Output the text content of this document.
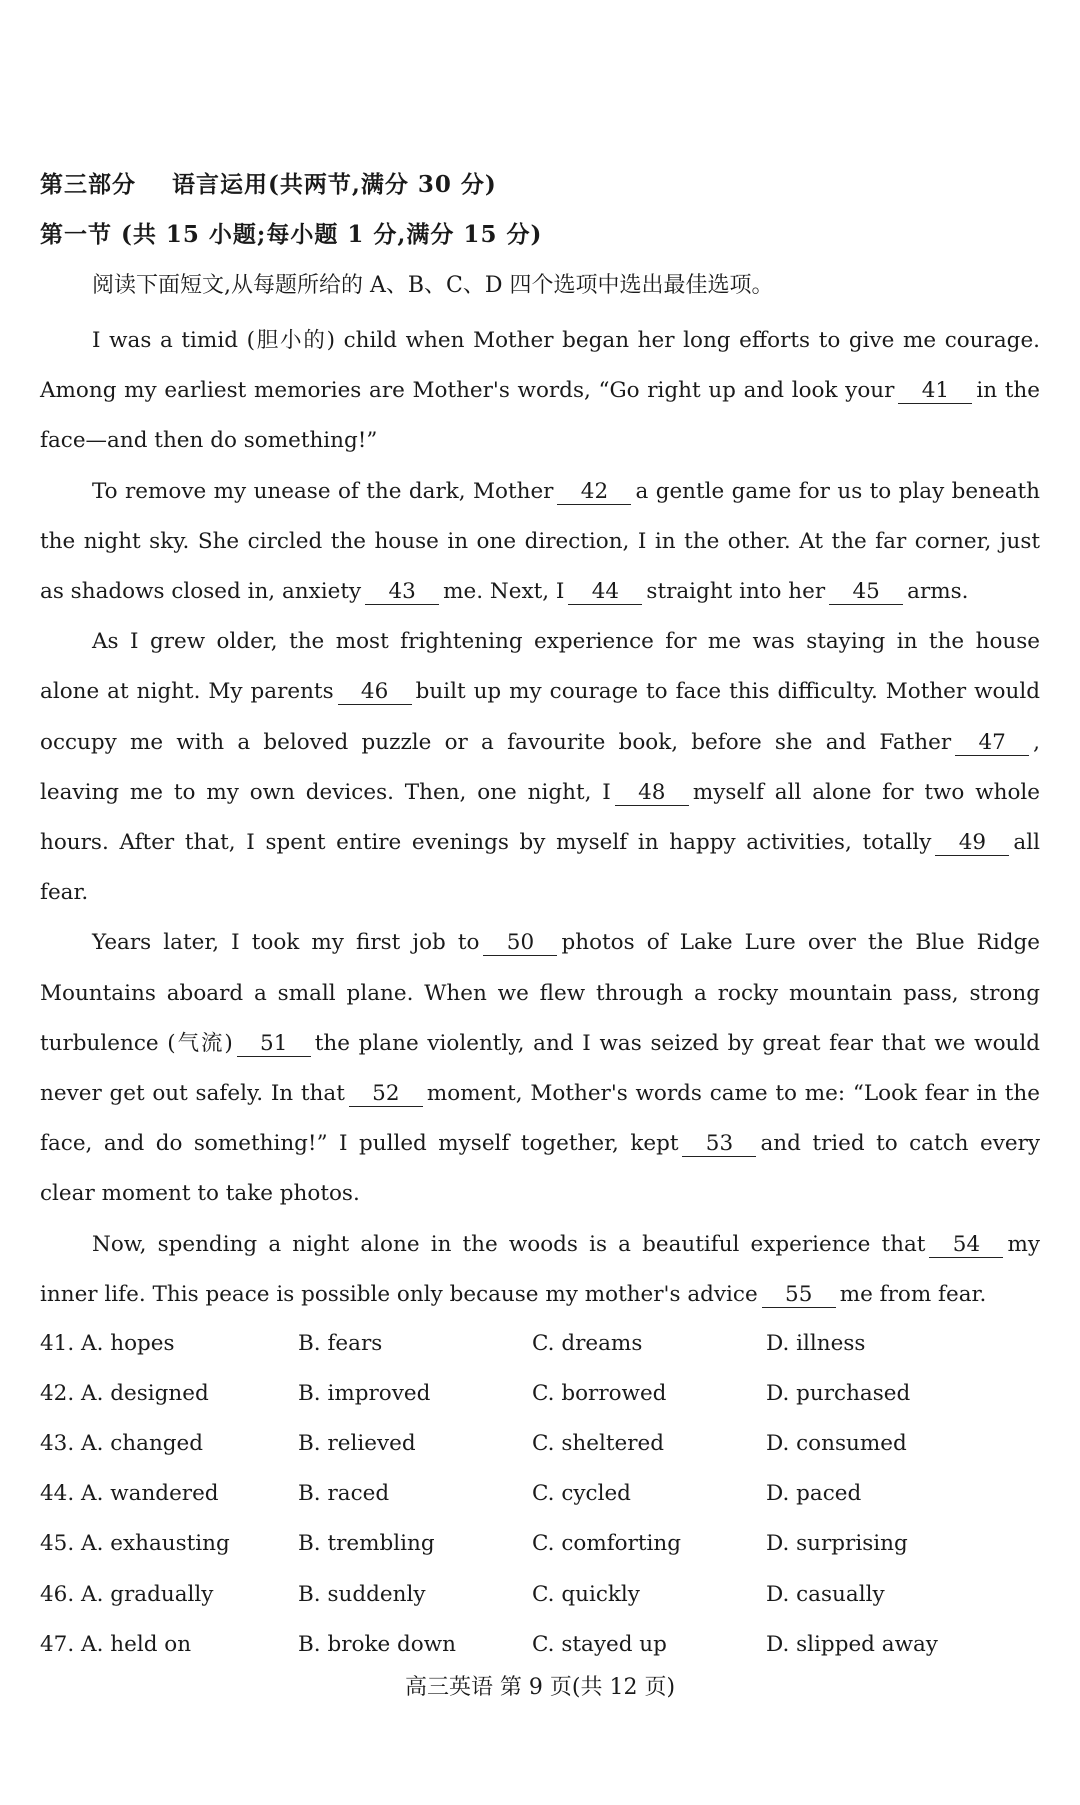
第三部分 语言运用(共两节,满分 30 分)
第一节 (共 15 小题;每小题 1 分,满分 15 分)
阅读下面短文,从每题所给的 A、B、C、D 四个选项中选出最佳选项。

I was a timid (胆小的) child when Mother began her long efforts to give me courage. Among my earliest memories are Mother's words, “Go right up and look your 41 in the face—and then do something!”

To remove my unease of the dark, Mother 42 a gentle game for us to play beneath the night sky. She circled the house in one direction, I in the other. At the far corner, just as shadows closed in, anxiety 43 me. Next, I 44 straight into her 45 arms.

As I grew older, the most frightening experience for me was staying in the house alone at night. My parents 46 built up my courage to face this difficulty. Mother would occupy me with a beloved puzzle or a favourite book, before she and Father 47 , leaving me to my own devices. Then, one night, I 48 myself all alone for two whole hours. After that, I spent entire evenings by myself in happy activities, totally 49 all fear.

Years later, I took my first job to 50 photos of Lake Lure over the Blue Ridge Mountains aboard a small plane. When we flew through a rocky mountain pass, strong turbulence (气流) 51 the plane violently, and I was seized by great fear that we would never get out safely. In that 52 moment, Mother's words came to me: “Look fear in the face, and do something!” I pulled myself together, kept 53 and tried to catch every clear moment to take photos.

Now, spending a night alone in the woods is a beautiful experience that 54 my inner life. This peace is possible only because my mother's advice 55 me from fear.

41. A. hopes	B. fears	C. dreams	D. illness
42. A. designed	B. improved	C. borrowed	D. purchased
43. A. changed	B. relieved	C. sheltered	D. consumed
44. A. wandered	B. raced	C. cycled	D. paced
45. A. exhausting	B. trembling	C. comforting	D. surprising
46. A. gradually	B. suddenly	C. quickly	D. casually
47. A. held on	B. broke down	C. stayed up	D. slipped away
高三英语 第 9 页(共 12 页)
